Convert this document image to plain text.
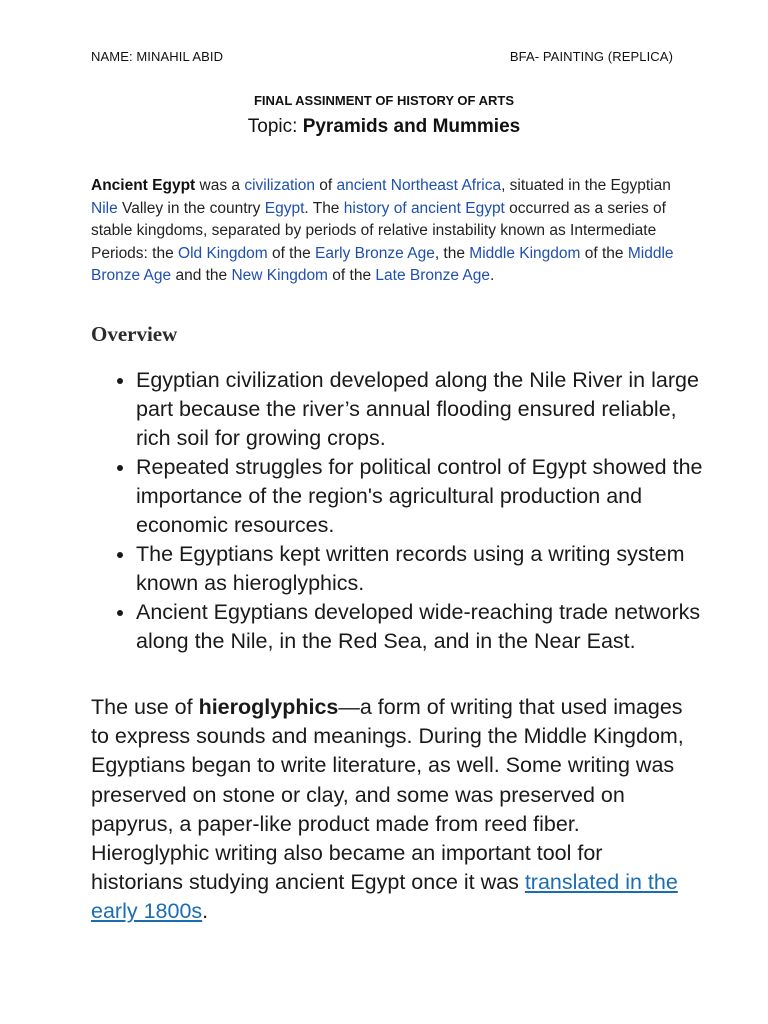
NAME: MINAHIL ABID	BFA- PAINTING (REPLICA)
FINAL ASSINMENT OF HISTORY OF ARTS
Topic: Pyramids and Mummies
Ancient Egypt was a civilization of ancient Northeast Africa, situated in the Egyptian Nile Valley in the country Egypt. The history of ancient Egypt occurred as a series of stable kingdoms, separated by periods of relative instability known as Intermediate Periods: the Old Kingdom of the Early Bronze Age, the Middle Kingdom of the Middle Bronze Age and the New Kingdom of the Late Bronze Age.
Overview
• Egyptian civilization developed along the Nile River in large part because the river’s annual flooding ensured reliable, rich soil for growing crops.
• Repeated struggles for political control of Egypt showed the importance of the region's agricultural production and economic resources.
• The Egyptians kept written records using a writing system known as hieroglyphics.
• Ancient Egyptians developed wide-reaching trade networks along the Nile, in the Red Sea, and in the Near East.
The use of hieroglyphics—a form of writing that used images to express sounds and meanings. During the Middle Kingdom, Egyptians began to write literature, as well. Some writing was preserved on stone or clay, and some was preserved on papyrus, a paper-like product made from reed fiber. Hieroglyphic writing also became an important tool for historians studying ancient Egypt once it was translated in the early 1800s.
